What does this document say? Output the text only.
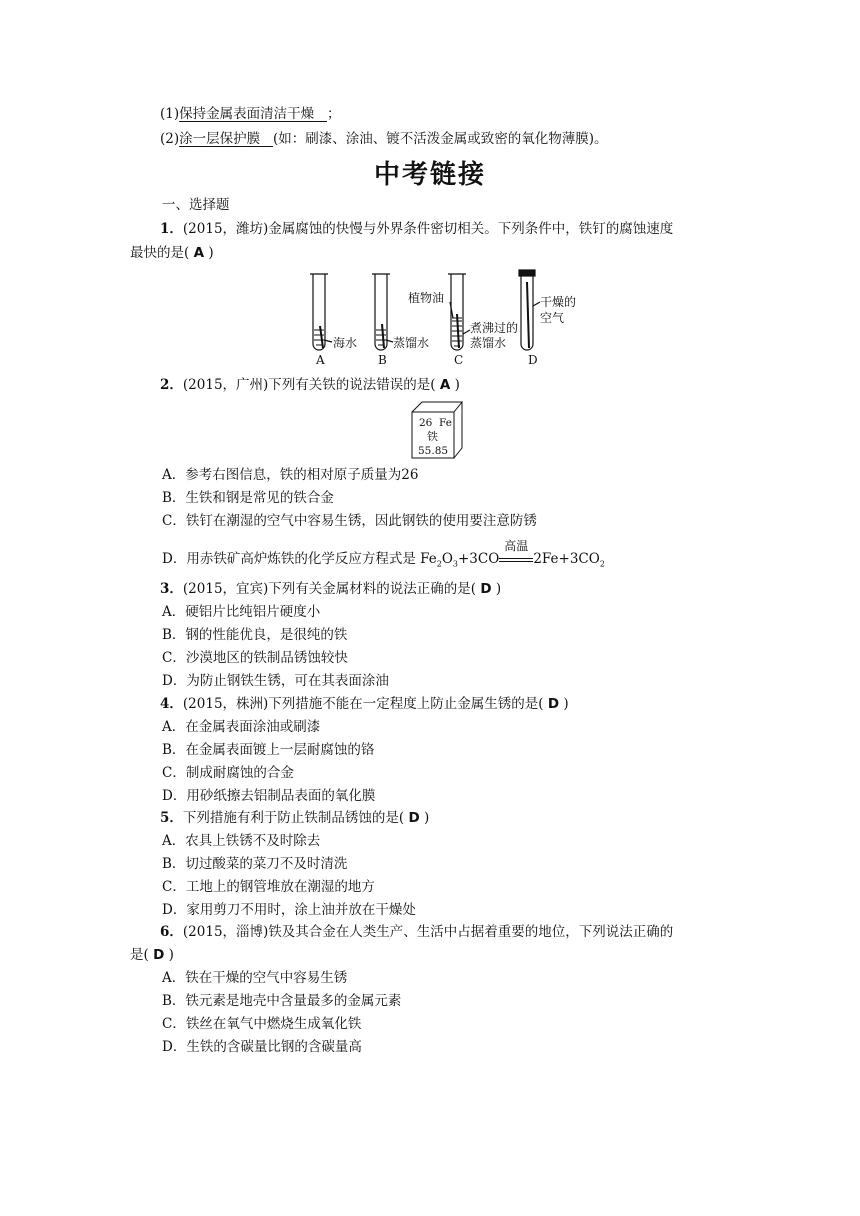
(1)保持金属表面清洁干燥 ；
(2)涂一层保护膜 (如：刷漆、涂油、镀不活泼金属或致密的氧化物薄膜)。
中考链接
一、选择题
1．(2015，潍坊)金属腐蚀的快慢与外界条件密切相关。下列条件中，铁钉的腐蚀速度
最快的是( A )
海水
A
蒸馏水
B
植物油
煮沸过的
蒸馏水
C
干燥的
空气
D
2．(2015，广州)下列有关铁的说法错误的是( A )
26 Fe
铁
55.85
A．参考右图信息，铁的相对原子质量为26
B．生铁和钢是常见的铁合金
C．铁钉在潮湿的空气中容易生锈，因此钢铁的使用要注意防锈
D．用赤铁矿高炉炼铁的化学反应方程式是 $Fe_2O_3+3CO$
高温
$2Fe+3CO_2$
3．(2015，宜宾)下列有关金属材料的说法正确的是( D )
A．硬铝片比纯铝片硬度小
B．钢的性能优良，是很纯的铁
C．沙漠地区的铁制品锈蚀较快
D．为防止钢铁生锈，可在其表面涂油
4．(2015，株洲)下列措施不能在一定程度上防止金属生锈的是( D )
A．在金属表面涂油或刷漆
B．在金属表面镀上一层耐腐蚀的铬
C．制成耐腐蚀的合金
D．用砂纸擦去铝制品表面的氧化膜
5．下列措施有利于防止铁制品锈蚀的是( D )
A．农具上铁锈不及时除去
B．切过酸菜的菜刀不及时清洗
C．工地上的钢管堆放在潮湿的地方
D．家用剪刀不用时，涂上油并放在干燥处
6．(2015，淄博)铁及其合金在人类生产、生活中占据着重要的地位，下列说法正确的
是( D )
A．铁在干燥的空气中容易生锈
B．铁元素是地壳中含量最多的金属元素
C．铁丝在氧气中燃烧生成氧化铁
D．生铁的含碳量比钢的含碳量高
